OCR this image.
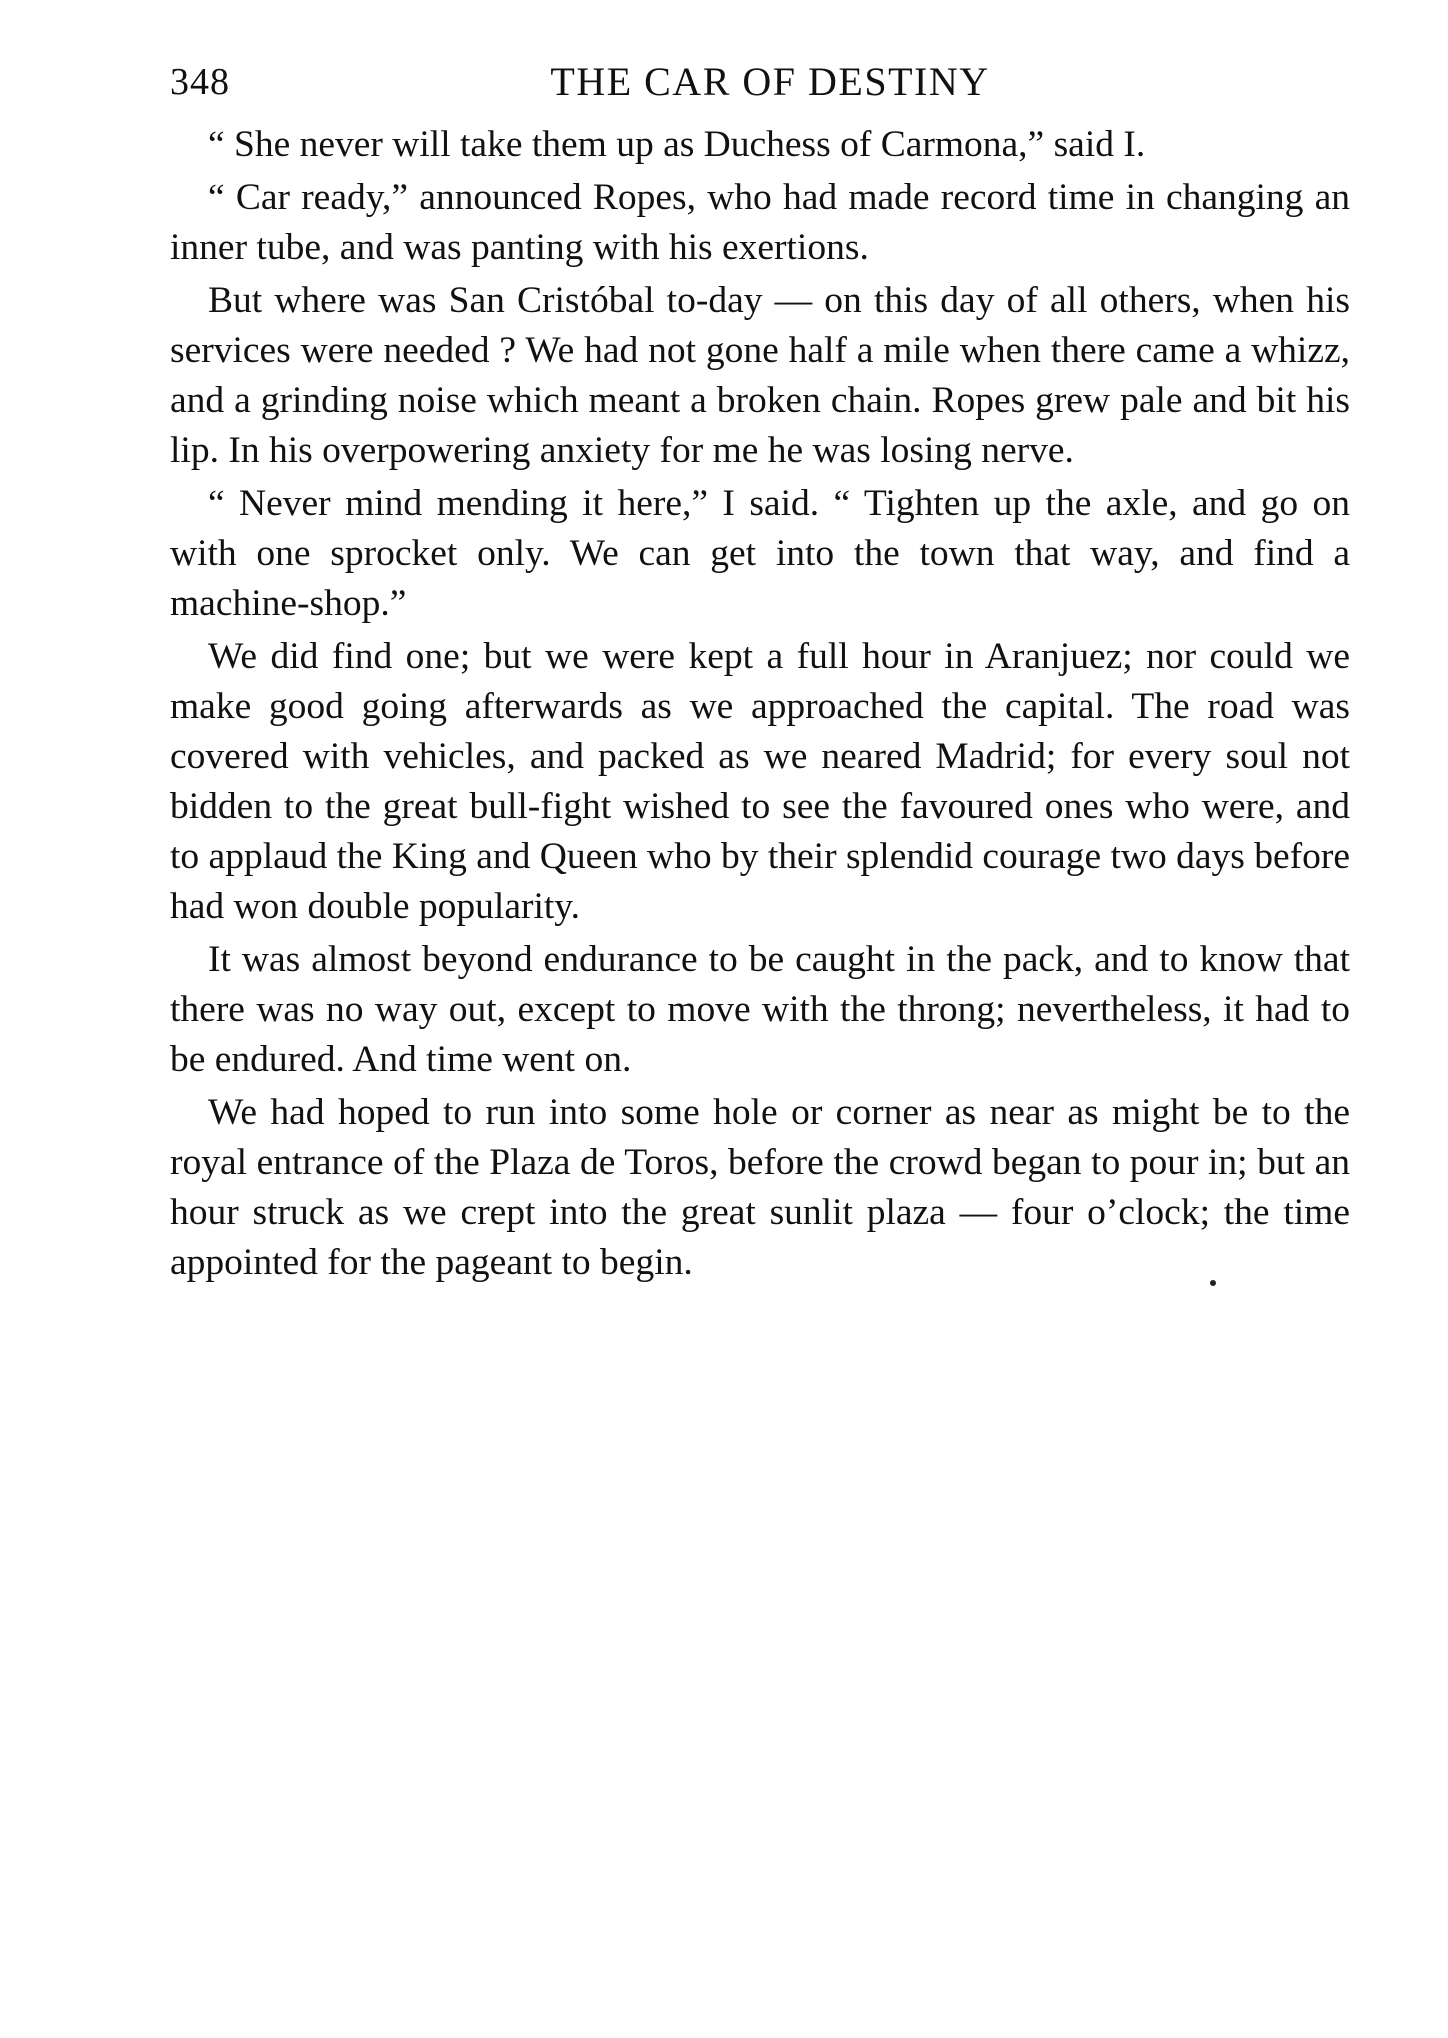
348	THE CAR OF DESTINY

“ She never will take them up as Duchess of Carmona,” said I.

“ Car ready,” announced Ropes, who had made record time in changing an inner tube, and was panting with his exertions.

But where was San Cristóbal to-day — on this day of all others, when his services were needed ? We had not gone half a mile when there came a whizz, and a grinding noise which meant a broken chain. Ropes grew pale and bit his lip. In his overpowering anxiety for me he was losing nerve.

“ Never mind mending it here,” I said. “ Tighten up the axle, and go on with one sprocket only. We can get into the town that way, and find a machine-shop.”

We did find one; but we were kept a full hour in Aranjuez; nor could we make good going afterwards as we approached the capital. The road was covered with vehicles, and packed as we neared Madrid; for every soul not bidden to the great bull-fight wished to see the favoured ones who were, and to applaud the King and Queen who by their splendid courage two days before had won double popularity.

It was almost beyond endurance to be caught in the pack, and to know that there was no way out, except to move with the throng; nevertheless, it had to be endured. And time went on.

We had hoped to run into some hole or corner as near as might be to the royal entrance of the Plaza de Toros, before the crowd began to pour in; but an hour struck as we crept into the great sunlit plaza — four o’clock; the time appointed for the pageant to begin.
